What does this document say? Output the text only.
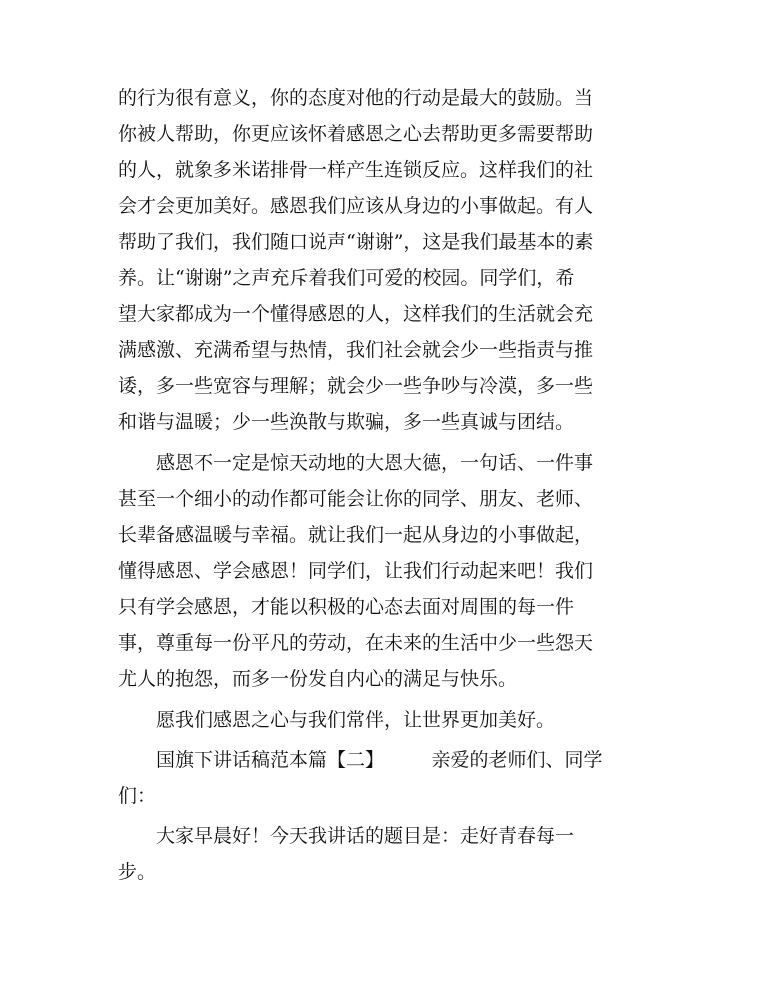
的行为很有意义，你的态度对他的行动是最大的鼓励。当
你被人帮助，你更应该怀着感恩之心去帮助更多需要帮助
的人，就象多米诺排骨一样产生连锁反应。这样我们的社
会才会更加美好。感恩我们应该从身边的小事做起。有人
帮助了我们，我们随口说声“谢谢”，这是我们最基本的素
养。让“谢谢”之声充斥着我们可爱的校园。同学们，希
望大家都成为一个懂得感恩的人，这样我们的生活就会充
满感激、充满希望与热情，我们社会就会少一些指责与推
诿，多一些宽容与理解；就会少一些争吵与冷漠，多一些
和谐与温暖；少一些涣散与欺骗，多一些真诚与团结。
　　感恩不一定是惊天动地的大恩大德，一句话、一件事
甚至一个细小的动作都可能会让你的同学、朋友、老师、
长辈备感温暖与幸福。就让我们一起从身边的小事做起，
懂得感恩、学会感恩！同学们，让我们行动起来吧！我们
只有学会感恩，才能以积极的心态去面对周围的每一件
事，尊重每一份平凡的劳动，在未来的生活中少一些怨天
尤人的抱怨，而多一份发自内心的满足与快乐。
　　愿我们感恩之心与我们常伴，让世界更加美好。
　　国旗下讲话稿范本篇【二】　　　亲爱的老师们、同学
们：
　　大家早晨好！今天我讲话的题目是：走好青春每一
步。
